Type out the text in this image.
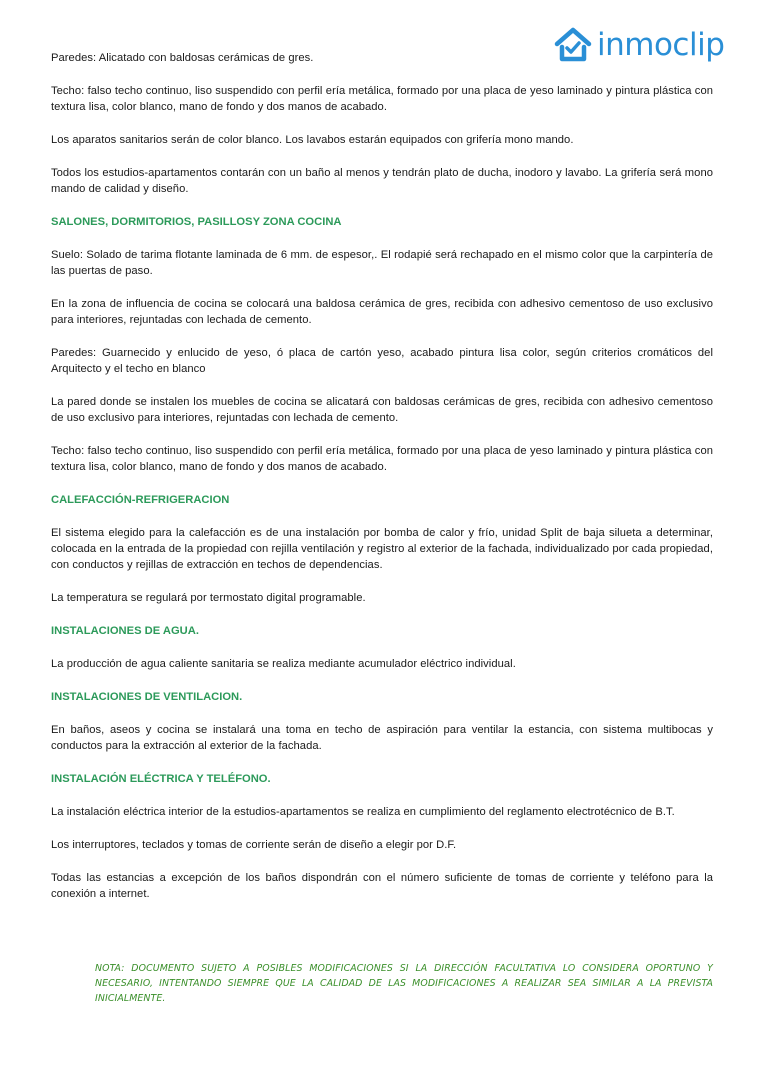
inmoclip
Paredes: Alicatado con baldosas cerámicas de gres.
Techo: falso techo continuo, liso suspendido con perfil ería metálica, formado por una placa de yeso laminado y pintura plástica con textura lisa, color blanco, mano de fondo y dos manos de acabado.
Los aparatos sanitarios serán de color blanco. Los lavabos estarán equipados con grifería mono mando.
Todos los estudios-apartamentos contarán con un baño al menos y tendrán plato de ducha, inodoro y lavabo. La grifería será mono mando de calidad y diseño.
SALONES, DORMITORIOS, PASILLOSY ZONA COCINA
Suelo: Solado de tarima flotante laminada de 6 mm. de espesor,. El rodapié será rechapado en el mismo color que la carpintería de las puertas de paso.
En la zona de influencia de cocina se colocará una baldosa cerámica de gres, recibida con adhesivo cementoso de uso exclusivo para interiores, rejuntadas con lechada de cemento.
Paredes: Guarnecido y enlucido de yeso, ó placa de cartón yeso, acabado pintura lisa color, según criterios cromáticos del Arquitecto y el techo en blanco
La pared donde se instalen los muebles de cocina se alicatará con baldosas cerámicas de gres, recibida con adhesivo cementoso de uso exclusivo para interiores, rejuntadas con lechada de cemento.
Techo: falso techo continuo, liso suspendido con perfil ería metálica, formado por una placa de yeso laminado y pintura plástica con textura lisa, color blanco, mano de fondo y dos manos de acabado.
CALEFACCIÓN-REFRIGERACION
El sistema elegido para la calefacción es de una instalación por bomba de calor y frío, unidad Split de baja silueta a determinar, colocada en la entrada de la propiedad con rejilla ventilación y registro al exterior de la fachada, individualizado por cada propiedad, con conductos y rejillas de extracción en techos de dependencias.
La temperatura se regulará por termostato digital programable.
INSTALACIONES DE AGUA.
La producción de agua caliente sanitaria se realiza mediante acumulador eléctrico individual.
INSTALACIONES DE VENTILACION.
En baños, aseos y cocina se instalará una toma en techo de aspiración para ventilar la estancia, con sistema multibocas y conductos para la extracción al exterior de la fachada.
INSTALACIÓN ELÉCTRICA Y TELÉFONO.
La instalación eléctrica interior de la estudios-apartamentos se realiza en cumplimiento del reglamento electrotécnico de B.T.
Los interruptores, teclados y tomas de corriente serán de diseño a elegir por D.F.
Todas las estancias a excepción de los baños dispondrán con el número suficiente de tomas de corriente y teléfono para la conexión a internet.
NOTA: DOCUMENTO SUJETO A POSIBLES MODIFICACIONES SI LA DIRECCIÓN FACULTATIVA LO CONSIDERA OPORTUNO Y NECESARIO, INTENTANDO SIEMPRE QUE LA CALIDAD DE LAS MODIFICACIONES A REALIZAR SEA SIMILAR A LA PREVISTA INICIALMENTE.
